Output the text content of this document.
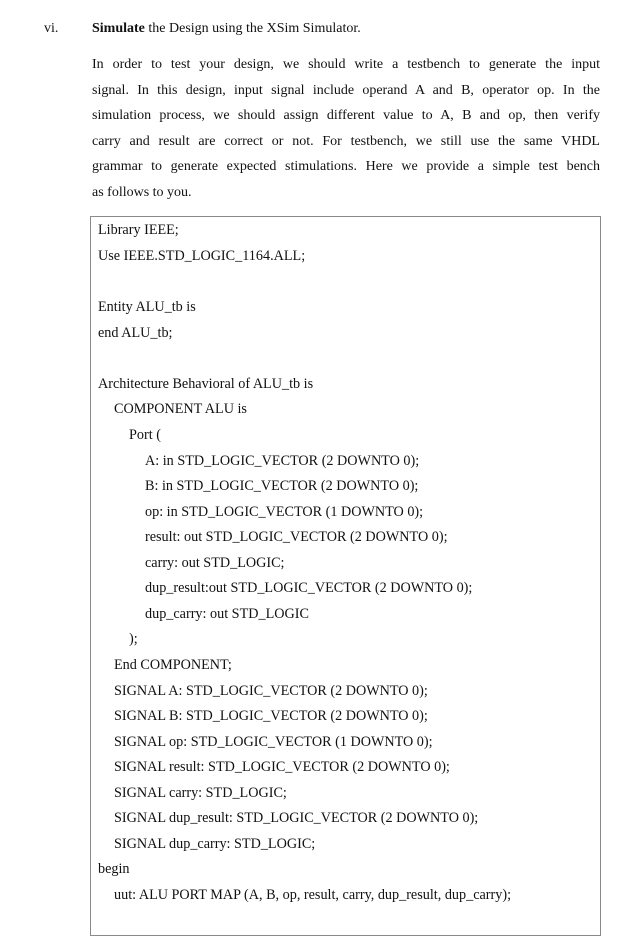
vi. Simulate the Design using the XSim Simulator.
In order to test your design, we should write a testbench to generate the input
signal. In this design, input signal include operand A and B, operator op. In the
simulation process, we should assign different value to A, B and op, then verify
carry and result are correct or not. For testbench, we still use the same VHDL
grammar to generate expected stimulations. Here we provide a simple test bench
as follows to you.
Library IEEE;
Use IEEE.STD_LOGIC_1164.ALL;
Entity ALU_tb is
end ALU_tb;
Architecture Behavioral of ALU_tb is
COMPONENT ALU is
Port (
A: in STD_LOGIC_VECTOR (2 DOWNTO 0);
B: in STD_LOGIC_VECTOR (2 DOWNTO 0);
op: in STD_LOGIC_VECTOR (1 DOWNTO 0);
result: out STD_LOGIC_VECTOR (2 DOWNTO 0);
carry: out STD_LOGIC;
dup_result:out STD_LOGIC_VECTOR (2 DOWNTO 0);
dup_carry: out STD_LOGIC
);
End COMPONENT;
SIGNAL A: STD_LOGIC_VECTOR (2 DOWNTO 0);
SIGNAL B: STD_LOGIC_VECTOR (2 DOWNTO 0);
SIGNAL op: STD_LOGIC_VECTOR (1 DOWNTO 0);
SIGNAL result: STD_LOGIC_VECTOR (2 DOWNTO 0);
SIGNAL carry: STD_LOGIC;
SIGNAL dup_result: STD_LOGIC_VECTOR (2 DOWNTO 0);
SIGNAL dup_carry: STD_LOGIC;
begin
uut: ALU PORT MAP (A, B, op, result, carry, dup_result, dup_carry);
